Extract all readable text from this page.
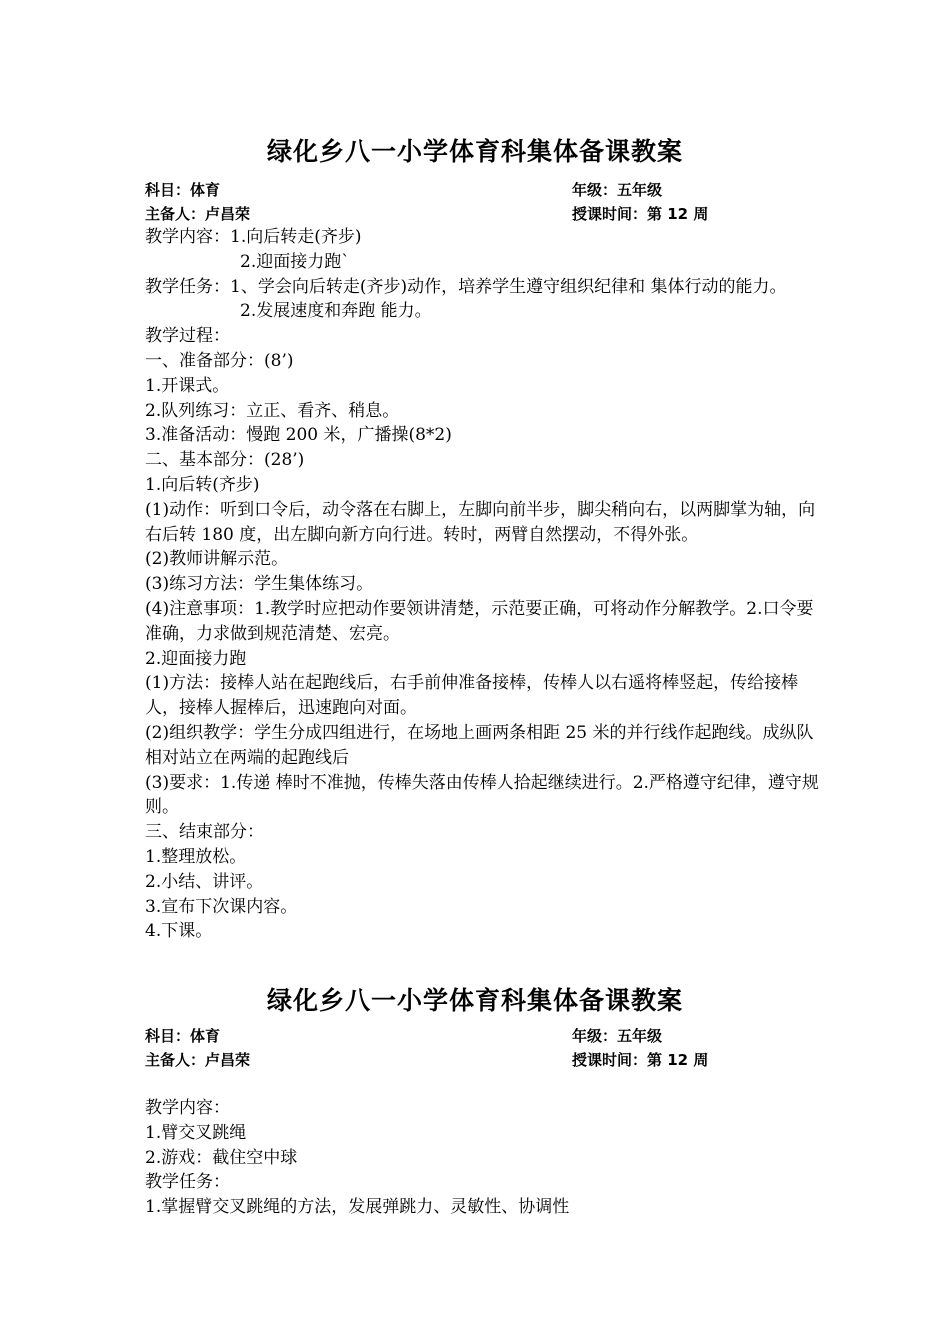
绿化乡八一小学体育科集体备课教案
科目：体育	年级：五年级
主备人：卢昌荣	授课时间：第 12 周
教学内容：1.向后转走(齐步)
2.迎面接力跑`
教学任务：1、学会向后转走(齐步)动作，培养学生遵守组织纪律和 集体行动的能力。
2.发展速度和奔跑 能力。
教学过程：
一、准备部分：(8’)
1.开课式。
2.队列练习：立正、看齐、稍息。
3.准备活动：慢跑 200 米，广播操(8*2)
二、基本部分：(28’)
1.向后转(齐步)
(1)动作：听到口令后，动令落在右脚上，左脚向前半步，脚尖稍向右，以两脚掌为轴，向右后转 180 度，出左脚向新方向行进。转时，两臂自然摆动，不得外张。
(2)教师讲解示范。
(3)练习方法：学生集体练习。
(4)注意事项：1.教学时应把动作要领讲清楚，示范要正确，可将动作分解教学。2.口令要准确，力求做到规范清楚、宏亮。
2.迎面接力跑
(1)方法：接棒人站在起跑线后，右手前伸准备接棒，传棒人以右遥将棒竖起，传给接棒人，接棒人握棒后，迅速跑向对面。
(2)组织教学：学生分成四组进行，在场地上画两条相距 25 米的并行线作起跑线。成纵队相对站立在两端的起跑线后
(3)要求：1.传递 棒时不准抛，传棒失落由传棒人拾起继续进行。2.严格遵守纪律，遵守规则。
三、结束部分：
1.整理放松。
2.小结、讲评。
3.宣布下次课内容。
4.下课。
绿化乡八一小学体育科集体备课教案
科目：体育	年级：五年级
主备人：卢昌荣	授课时间：第 12 周
教学内容：
1.臂交叉跳绳
2.游戏：截住空中球
教学任务：
1.掌握臂交叉跳绳的方法，发展弹跳力、灵敏性、协调性
